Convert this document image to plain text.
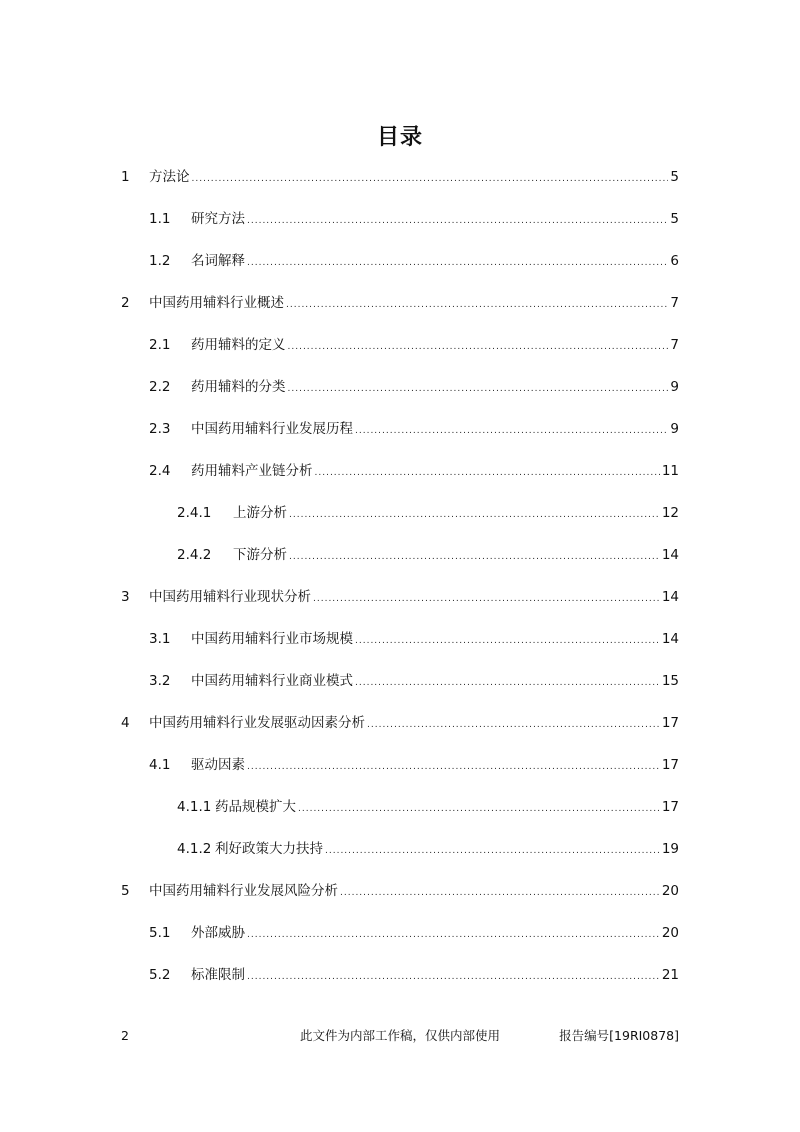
目录
1	方法论 .....	5
1.1	研究方法 .....	5
1.2	名词解释 .....	6
2	中国药用辅料行业概述 .....	7
2.1	药用辅料的定义 .....	7
2.2	药用辅料的分类 .....	9
2.3	中国药用辅料行业发展历程 .....	9
2.4	药用辅料产业链分析 .....	11
2.4.1	上游分析 .....	12
2.4.2	下游分析 .....	14
3	中国药用辅料行业现状分析 .....	14
3.1	中国药用辅料行业市场规模 .....	14
3.2	中国药用辅料行业商业模式 .....	15
4	中国药用辅料行业发展驱动因素分析 .....	17
4.1	驱动因素 .....	17
4.1.1 药品规模扩大 .....	17
4.1.2 利好政策大力扶持 .....	19
5	中国药用辅料行业发展风险分析 .....	20
5.1	外部威胁 .....	20
5.2	标准限制 .....	21
2	此文件为内部工作稿，仅供内部使用	报告编号[19RI0878]
